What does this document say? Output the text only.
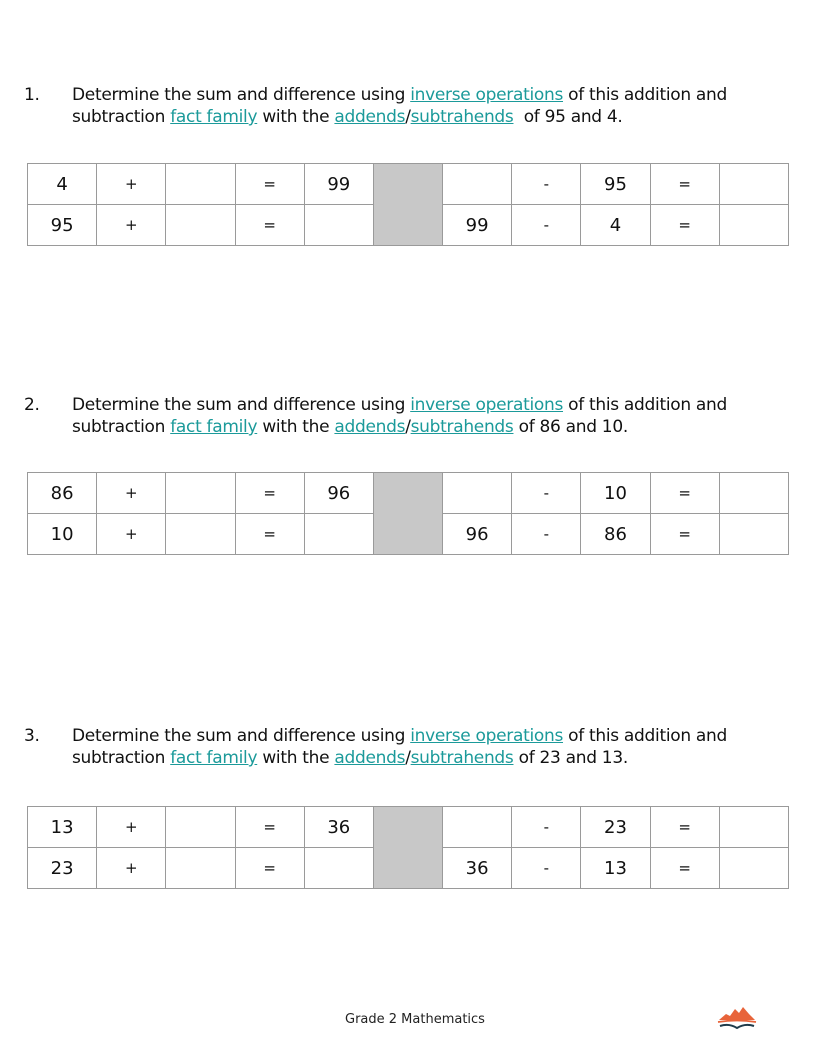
1. Determine the sum and difference using inverse operations of this addition and subtraction fact family with the addends/subtrahends  of 95 and 4.
4	+		=	99			-	95	=	
95	+		=			99	-	4	=	
2. Determine the sum and difference using inverse operations of this addition and subtraction fact family with the addends/subtrahends of 86 and 10.
86	+		=	96			-	10	=	
10	+		=			96	-	86	=	
3. Determine the sum and difference using inverse operations of this addition and subtraction fact family with the addends/subtrahends of 23 and 13.
13	+		=	36			-	23	=	
23	+		=			36	-	13	=	
Grade 2 Mathematics
